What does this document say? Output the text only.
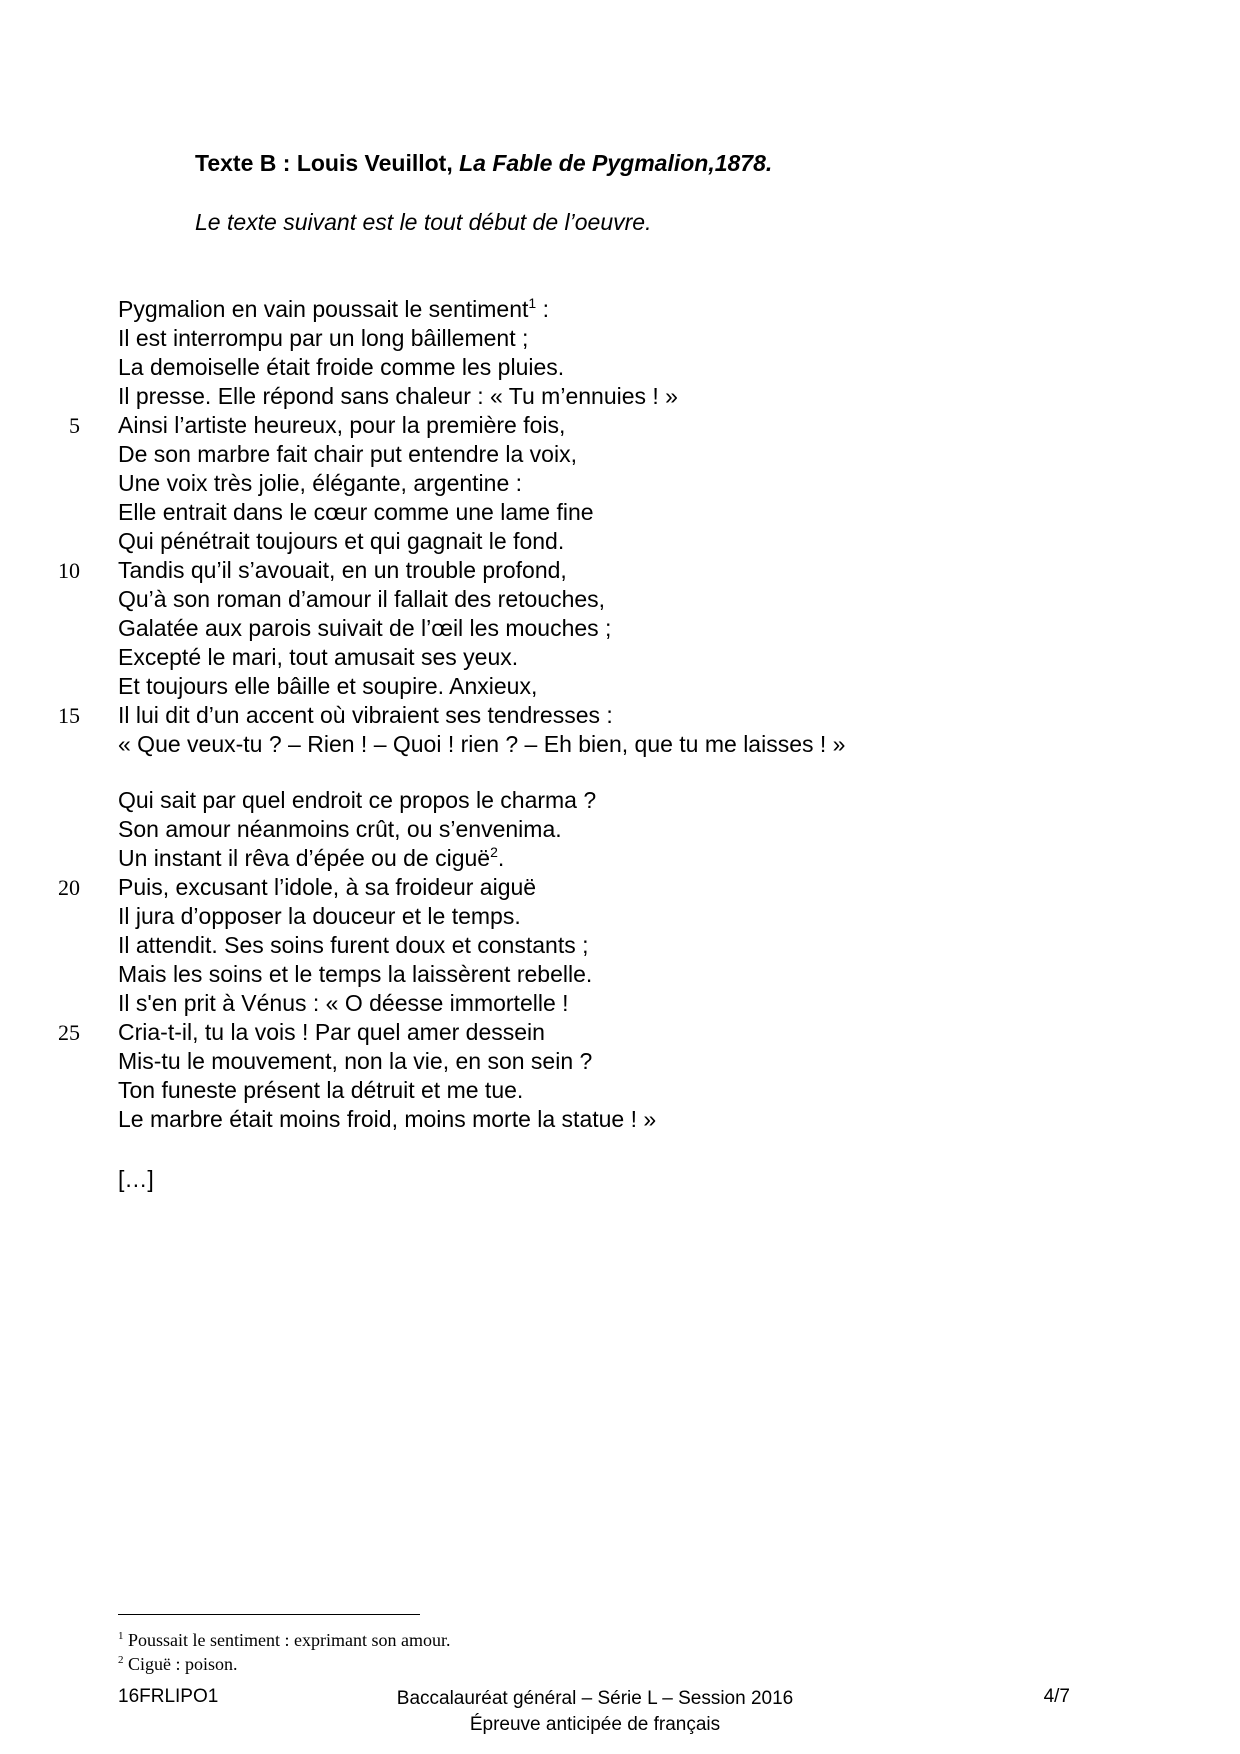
Texte B : Louis Veuillot, La Fable de Pygmalion,1878.
Le texte suivant est le tout début de l’oeuvre.
Pygmalion en vain poussait le sentiment$^1$ :
Il est interrompu par un long bâillement ;
La demoiselle était froide comme les pluies.
Il presse. Elle répond sans chaleur : « Tu m’ennuies ! »
5 Ainsi l’artiste heureux, pour la première fois,
De son marbre fait chair put entendre la voix,
Une voix très jolie, élégante, argentine :
Elle entrait dans le cœur comme une lame fine
Qui pénétrait toujours et qui gagnait le fond.
10 Tandis qu’il s’avouait, en un trouble profond,
Qu’à son roman d’amour il fallait des retouches,
Galatée aux parois suivait de l’œil les mouches ;
Excepté le mari, tout amusait ses yeux.
Et toujours elle bâille et soupire. Anxieux,
15 Il lui dit d’un accent où vibraient ses tendresses :
« Que veux-tu ? – Rien ! – Quoi ! rien ? – Eh bien, que tu me laisses ! »
Qui sait par quel endroit ce propos le charma ?
Son amour néanmoins crût, ou s’envenima.
Un instant il rêva d’épée ou de ciguë$^2$.
20 Puis, excusant l’idole, à sa froideur aiguë
Il jura d’opposer la douceur et le temps.
Il attendit. Ses soins furent doux et constants ;
Mais les soins et le temps la laissèrent rebelle.
Il s'en prit à Vénus : « O déesse immortelle !
25 Cria-t-il, tu la vois ! Par quel amer dessein
Mis-tu le mouvement, non la vie, en son sein ?
Ton funeste présent la détruit et me tue.
Le marbre était moins froid, moins morte la statue ! »
[…]
$^1$ Poussait le sentiment : exprimant son amour.
$^2$ Ciguë : poison.
16FRLIPO1	Baccalauréat général – Série L – Session 2016
Épreuve anticipée de français
4/7
